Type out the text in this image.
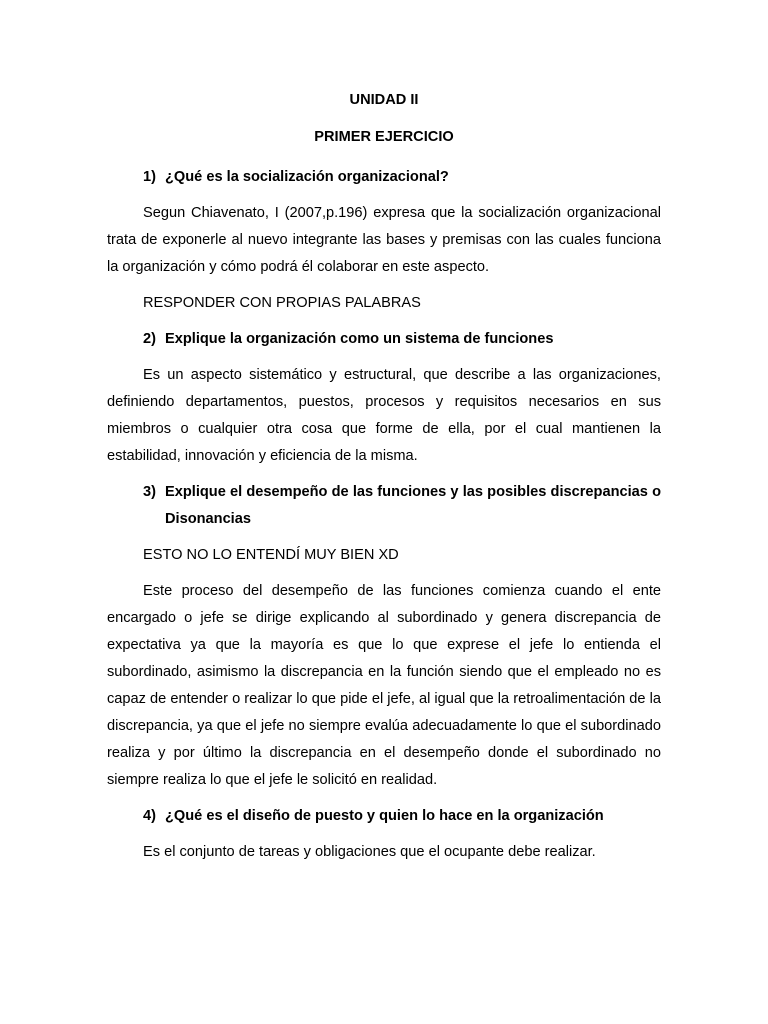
UNIDAD II

PRIMER EJERCICIO

1) ¿Qué es la socialización organizacional?

Segun Chiavenato, I (2007,p.196) expresa que la socialización organizacional trata de exponerle al nuevo integrante las bases y premisas con las cuales funciona la organización y cómo podrá él colaborar en este aspecto.

RESPONDER CON PROPIAS PALABRAS

2) Explique la organización como un sistema de funciones

Es un aspecto sistemático y estructural, que describe a las organizaciones, definiendo departamentos, puestos, procesos y requisitos necesarios en sus miembros o cualquier otra cosa que forme de ella, por el cual mantienen la estabilidad, innovación y eficiencia de la misma.

3) Explique el desempeño de las funciones y las posibles discrepancias o Disonancias

ESTO NO LO ENTENDÍ MUY BIEN XD

Este proceso del desempeño de las funciones comienza cuando el ente encargado o jefe se dirige explicando al subordinado y genera discrepancia de expectativa ya que la mayoría es que lo que exprese el jefe lo entienda el subordinado, asimismo la discrepancia en la función siendo que el empleado no es capaz de entender o realizar lo que pide el jefe, al igual que la retroalimentación de la discrepancia, ya que el jefe no siempre evalúa adecuadamente lo que el subordinado realiza y por último la discrepancia en el desempeño donde el subordinado no siempre realiza lo que el jefe le solicitó en realidad.

4) ¿Qué es el diseño de puesto y quien lo hace en la organización

Es el conjunto de tareas y obligaciones que el ocupante debe realizar.
